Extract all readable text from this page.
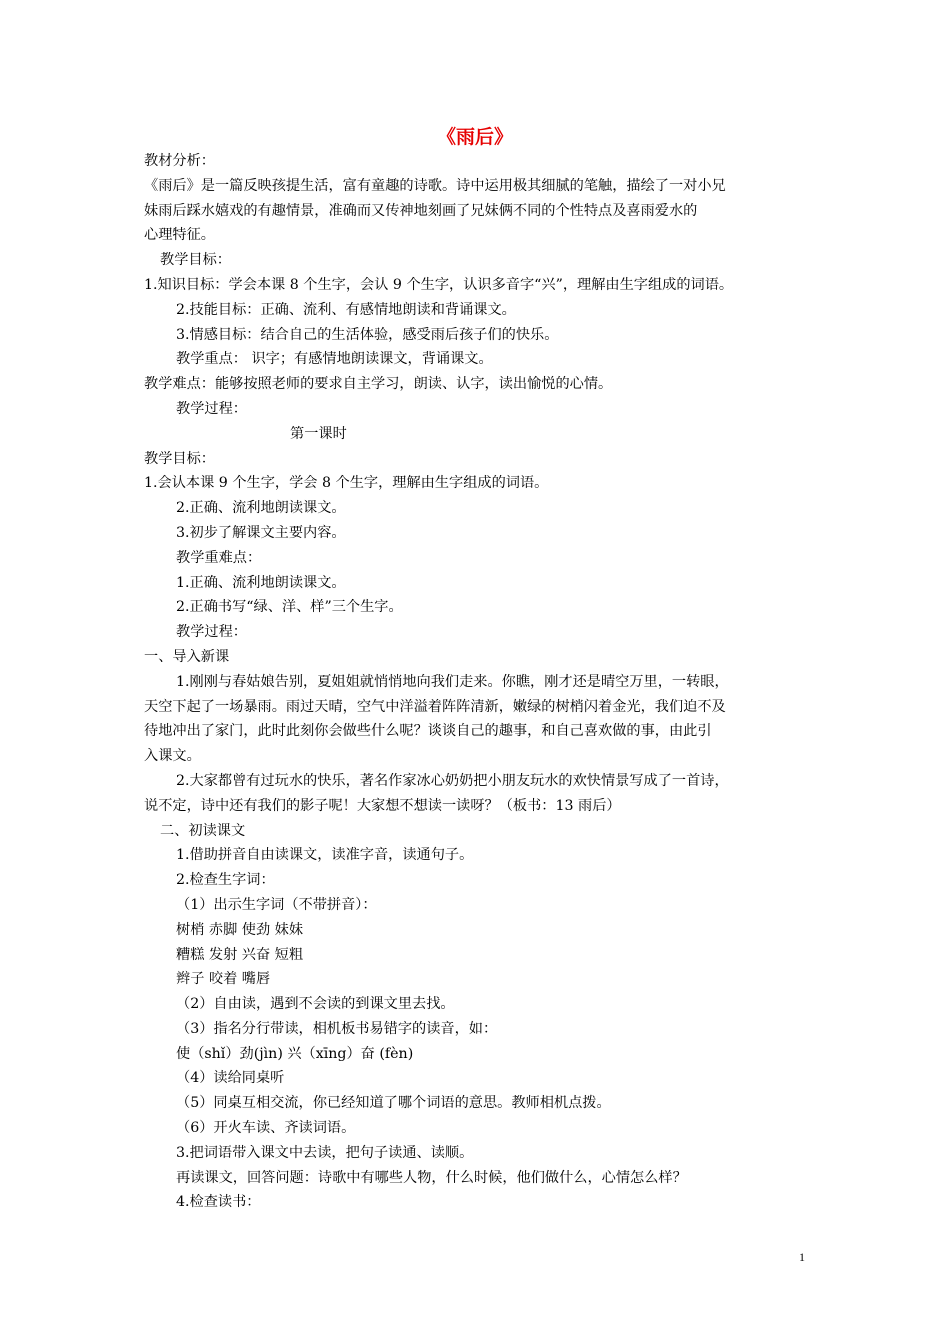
《雨后》
教材分析：
《雨后》是一篇反映孩提生活，富有童趣的诗歌。诗中运用极其细腻的笔触，描绘了一对小兄
妹雨后踩水嬉戏的有趣情景，准确而又传神地刻画了兄妹俩不同的个性特点及喜雨爱水的
心理特征。
教学目标：
1.知识目标：学会本课 8 个生字，会认 9 个生字，认识多音字“兴”，理解由生字组成的词语。
2.技能目标：正确、流利、有感情地朗读和背诵课文。
3.情感目标：结合自己的生活体验，感受雨后孩子们的快乐。
教学重点： 识字；有感情地朗读课文，背诵课文。
教学难点：能够按照老师的要求自主学习，朗读、认字，读出愉悦的心情。
教学过程：
第一课时
教学目标：
1.会认本课 9 个生字，学会 8 个生字，理解由生字组成的词语。
2.正确、流利地朗读课文。
3.初步了解课文主要内容。
教学重难点：
1.正确、流利地朗读课文。
2.正确书写“绿、洋、样”三个生字。
教学过程：
一、导入新课
1.刚刚与春姑娘告别，夏姐姐就悄悄地向我们走来。你瞧，刚才还是晴空万里，一转眼，
天空下起了一场暴雨。雨过天晴，空气中洋溢着阵阵清新，嫩绿的树梢闪着金光，我们迫不及
待地冲出了家门，此时此刻你会做些什么呢？谈谈自己的趣事，和自己喜欢做的事，由此引
入课文。
2.大家都曾有过玩水的快乐，著名作家冰心奶奶把小朋友玩水的欢快情景写成了一首诗，
说不定，诗中还有我们的影子呢！大家想不想读一读呀？（板书：13 雨后）
二、初读课文
1.借助拼音自由读课文，读准字音，读通句子。
2.检查生字词：
（1）出示生字词（不带拼音）：
树梢 赤脚 使劲 妹妹
糟糕 发射 兴奋 短粗
辫子 咬着 嘴唇
（2）自由读，遇到不会读的到课文里去找。
（3）指名分行带读，相机板书易错字的读音，如：
使（shǐ）劲(jìn) 兴（xīng）奋 (fèn)
（4）读给同桌听
（5）同桌互相交流，你已经知道了哪个词语的意思。教师相机点拨。
（6）开火车读、齐读词语。
3.把词语带入课文中去读，把句子读通、读顺。
再读课文，回答问题：诗歌中有哪些人物，什么时候，他们做什么，心情怎么样？
4.检查读书：
1
